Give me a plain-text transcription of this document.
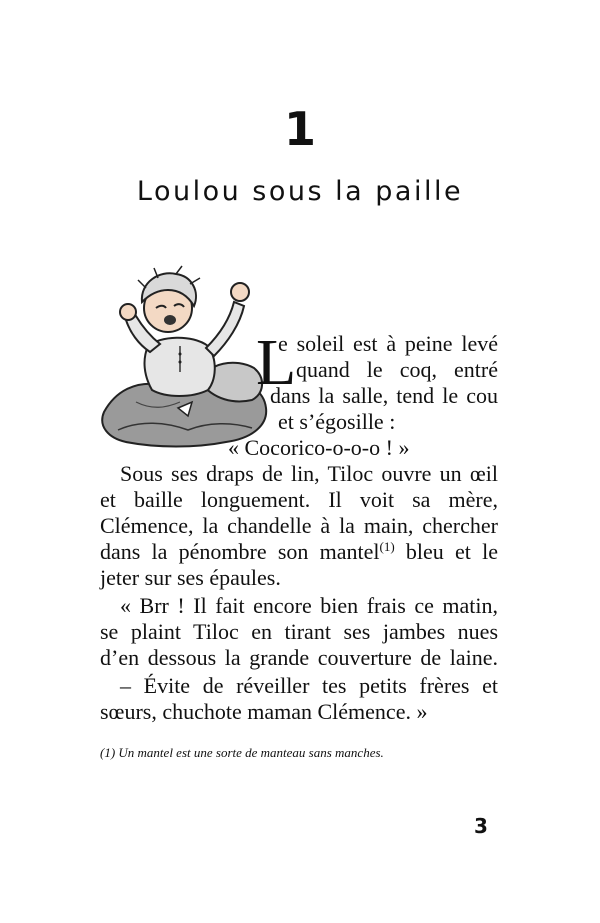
1
Loulou sous la paille
L
e soleil est à peine levé
quand le coq, entré
dans la salle, tend le cou
et s’égosille :
« Cocorico-o-o-o ! »
Sous ses draps de lin, Tiloc ouvre un œil
et baille longuement. Il voit sa mère,
Clémence, la chandelle à la main, chercher
dans la pénombre son mantel$^{(1)}$ bleu et le
jeter sur ses épaules.
« Brr ! Il fait encore bien frais ce matin,
se plaint Tiloc en tirant ses jambes nues
d’en dessous la grande couverture de laine.
– Évite de réveiller tes petits frères et
sœurs, chuchote maman Clémence. »
(1) Un mantel est une sorte de manteau sans manches.
3
